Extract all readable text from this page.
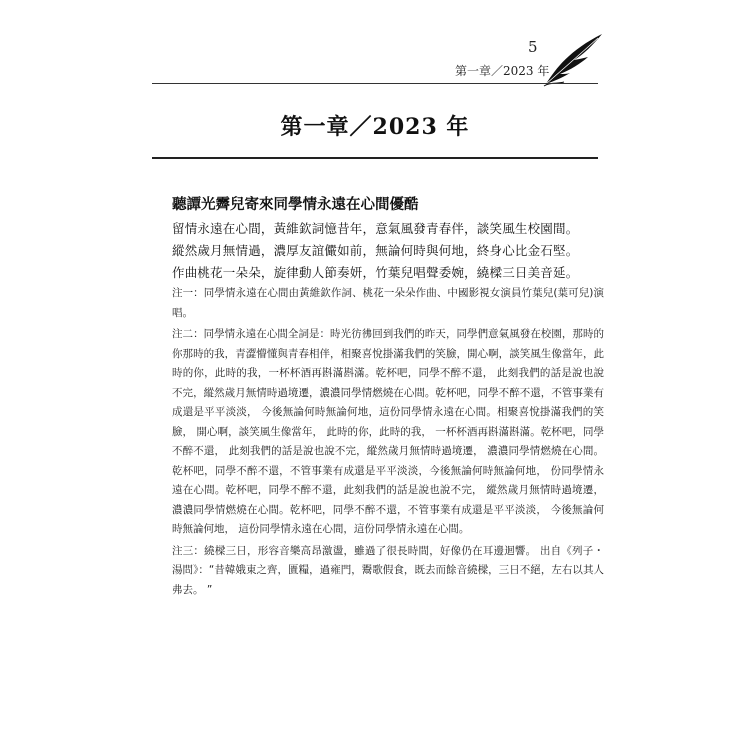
5
第一章／2023 年
第一章／2023 年
聽譚光霽兒寄來同學情永遠在心間優酷
留情永遠在心間，黃維欽詞憶昔年，意氣風發青春伴，談笑風生校園間。
縱然歲月無情過，濃厚友誼儼如前，無論何時與何地，終身心比金石堅。
作曲桃花一朵朵，旋律動人節奏妍，竹葉兒唱聲委婉，繞樑三日美音延。

注一：同學情永遠在心間由黃維欽作詞、桃花一朵朵作曲、中國影視女演員竹葉兒(葉可兒)演唱。

注二：同學情永遠在心間全詞是：時光彷彿回到我們的昨天，同學們意氣風發在校園，那時的你那時的我，青澀懵懂與青春相伴，相聚喜悅掛滿我們的笑臉，開心啊，談笑風生像當年，此時的你，此時的我，一杯杯酒再斟滿斟滿。乾杯吧，同學不醉不還， 此刻我們的話是說也說不完，縱然歲月無情時過境遷，濃濃同學情燃燒在心間。乾杯吧，同學不醉不還，不管事業有成還是平平淡淡， 今後無論何時無論何地，這份同學情永遠在心間。相聚喜悅掛滿我們的笑臉， 開心啊，談笑風生像當年， 此時的你，此時的我， 一杯杯酒再斟滿斟滿。乾杯吧，同學不醉不還， 此刻我們的話是說也說不完，縱然歲月無情時過境遷， 濃濃同學情燃燒在心間。 乾杯吧，同學不醉不還，不管事業有成還是平平淡淡，今後無論何時無論何地， 份同學情永遠在心間。乾杯吧，同學不醉不還，此刻我們的話是說也說不完， 縱然歲月無情時過境遷，濃濃同學情燃燒在心間。乾杯吧，同學不醉不還，不管事業有成還是平平淡淡， 今後無論何時無論何地， 這份同學情永遠在心間，這份同學情永遠在心間。

注三：繞樑三日，形容音樂高昂激盪，雖過了很長時間，好像仍在耳邊迴響。 出自《列子・湯問》：“昔韓娥東之齊，匱糧，過雍門，鬻歌假食，既去而餘音繞樑，三日不絕，左右以其人弗去。 ”
